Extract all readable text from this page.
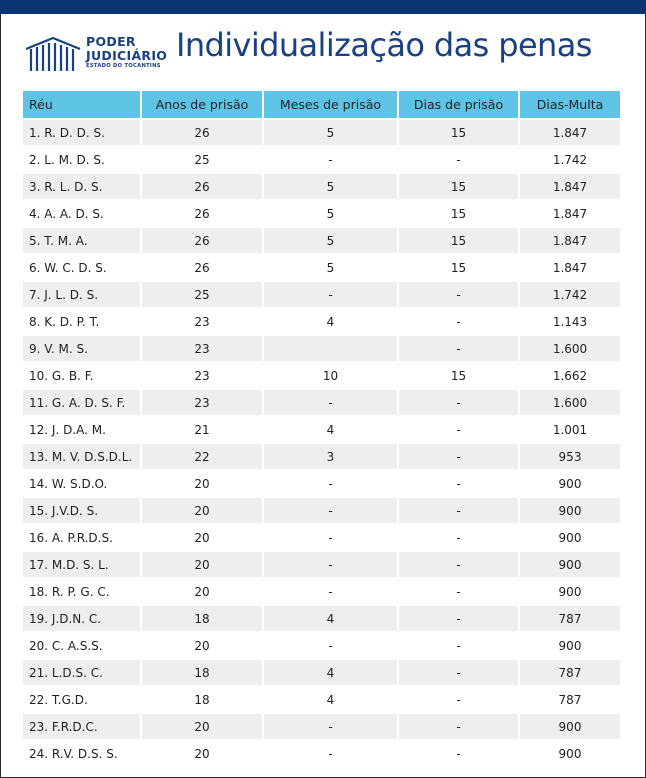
PODER
JUDICIÁRIO
ESTADO DO TOCANTINS
Individualização das penas
Réu	Anos de prisão	Meses de prisão	Dias de prisão	Dias-Multa
1. R. D. D. S.	26	5	15	1.847
2. L. M. D. S.	25	-	-	1.742
3. R. L. D. S.	26	5	15	1.847
4. A. A. D. S.	26	5	15	1.847
5. T. M. A.	26	5	15	1.847
6. W. C. D. S.	26	5	15	1.847
7. J. L. D. S.	25	-	-	1.742
8. K. D. P. T.	23	4	-	1.143
9. V. M. S.	23		-	1.600
10. G. B. F.	23	10	15	1.662
11. G. A. D. S. F.	23	-	-	1.600
12. J. D.A. M.	21	4	-	1.001
13. M. V. D.S.D.L.	22	3	-	953
14. W. S.D.O.	20	-	-	900
15. J.V.D. S.	20	-	-	900
16. A. P.R.D.S.	20	-	-	900
17. M.D. S. L.	20	-	-	900
18. R. P. G. C.	20	-	-	900
19. J.D.N. C.	18	4	-	787
20. C. A.S.S.	20	-	-	900
21. L.D.S. C.	18	4	-	787
22. T.G.D.	18	4	-	787
23. F.R.D.C.	20	-	-	900
24. R.V. D.S. S.	20	-	-	900
